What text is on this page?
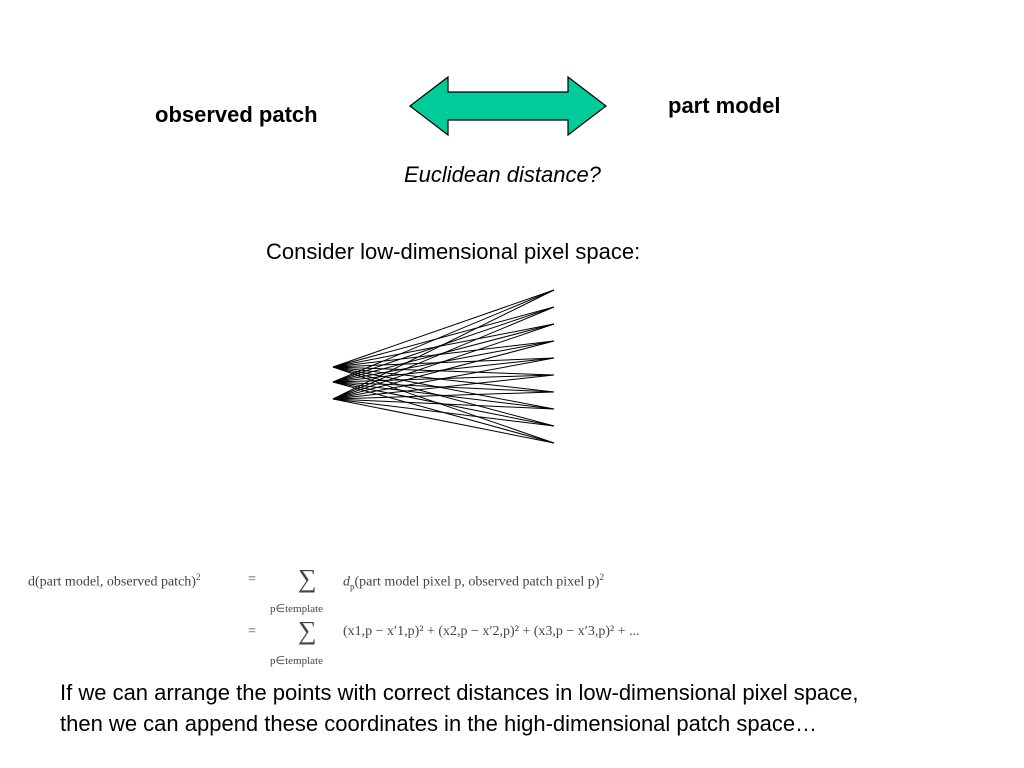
observed patch	part model
Euclidean distance?
Consider low-dimensional pixel space:
d(part model, observed patch)$^2$	= ∑
p∈template
$d_p(part$ model pixel p, observed patch pixel p)$^2$
= ∑
p∈template
(x1,p − x′1,p)² + (x2,p − x′2,p)² + (x3,p − x′3,p)² + ...
If we can arrange the points with correct distances in low-dimensional pixel space,
then we can append these coordinates in the high-dimensional patch space…
